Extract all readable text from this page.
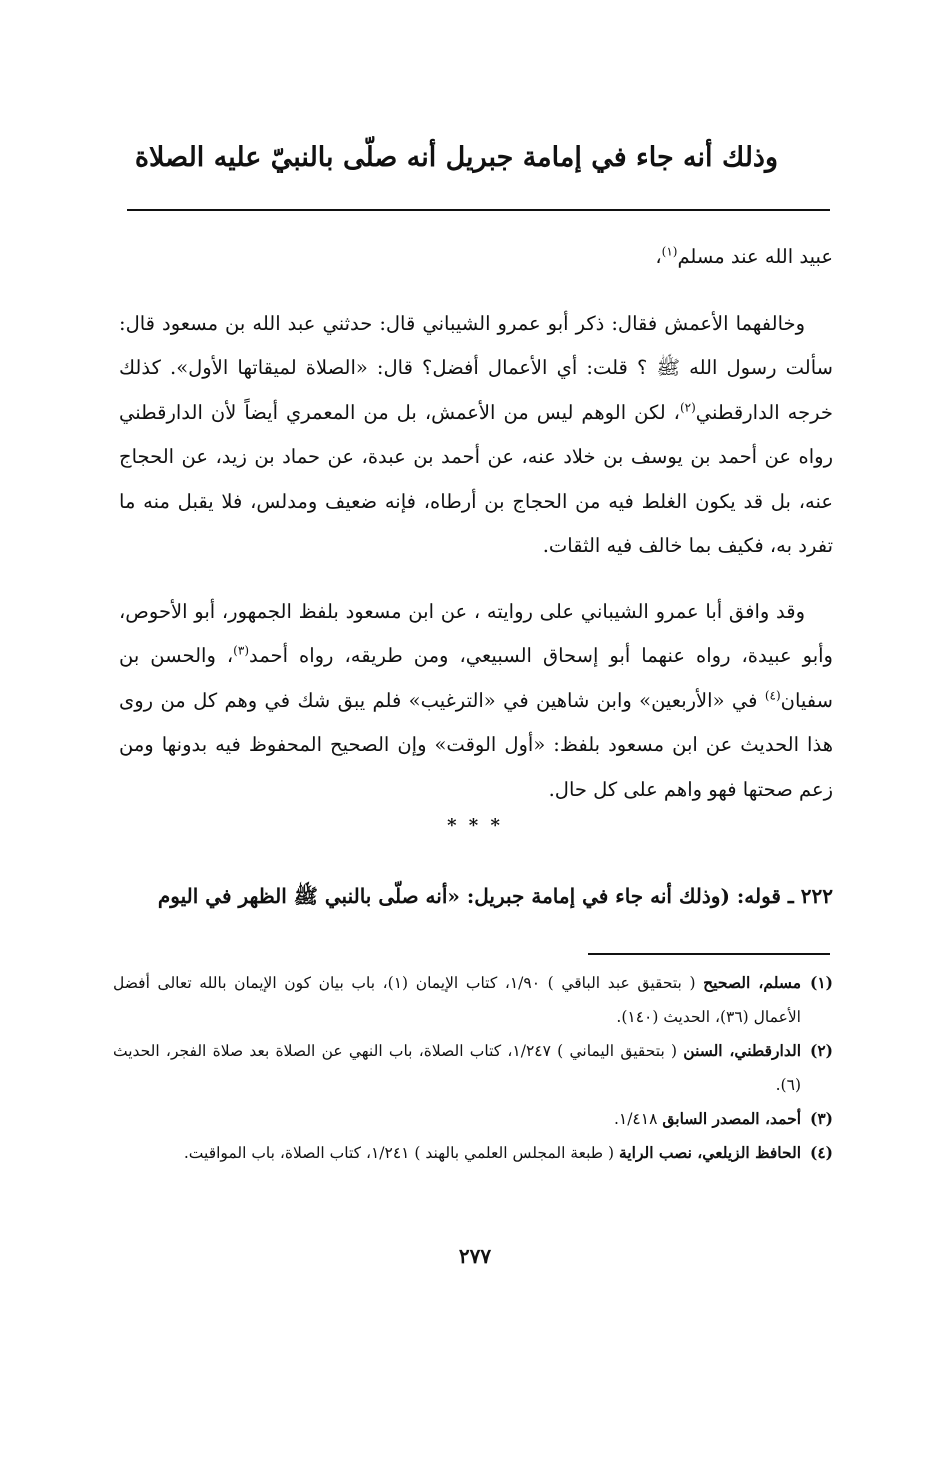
وذلك أنه جاء في إمامة جبريل أنه صلّى بالنبيّ عليه الصلاة

عبيد الله عند مسلم$^{(١)}$،

وخالفهما الأعمش فقال: ذكر أبو عمرو الشيباني قال: حدثني عبد الله بن مسعود قال: سألت رسول الله ﷺ ؟ قلت: أي الأعمال أفضل؟ قال: «الصلاة لميقاتها الأول». كذلك خرجه الدارقطني$^{(٢)}$، لكن الوهم ليس من الأعمش، بل من المعمري أيضاً لأن الدارقطني رواه عن أحمد بن يوسف بن خلاد عنه، عن أحمد بن عبدة، عن حماد بن زيد، عن الحجاج عنه، بل قد يكون الغلط فيه من الحجاج بن أرطاه، فإنه ضعيف ومدلس، فلا يقبل منه ما تفرد به، فكيف بما خالف فيه الثقات.

وقد وافق أبا عمرو الشيباني على روايته ، عن ابن مسعود بلفظ الجمهور، أبو الأحوص، وأبو عبيدة، رواه عنهما أبو إسحاق السبيعي، ومن طريقه، رواه أحمد$^{(٣)}$، والحسن بن سفيان$^{(٤)}$ في «الأربعين» وابن شاهين في «الترغيب» فلم يبق شك في وهم كل من روى هذا الحديث عن ابن مسعود بلفظ: «أول الوقت» وإن الصحيح المحفوظ فيه بدونها ومن زعم صحتها فهو واهم على كل حال.

* * *
٢٢٢ ـ قوله: (وذلك أنه جاء في إمامة جبريل: «أنه صلّى بالنبي ﷺ الظهر في اليوم

(١)مسلم، الصحيح ( بتحقيق عبد الباقي ) ١/٩٠، كتاب الإيمان (١)، باب بيان كون الإيمان بالله تعالى أفضل الأعمال (٣٦)، الحديث (١٤٠).

(٢)الدارقطني، السنن ( بتحقيق اليماني ) ١/٢٤٧، كتاب الصلاة، باب النهي عن الصلاة بعد صلاة الفجر، الحديث (٦).

(٣)أحمد، المصدر السابق ١/٤١٨.

(٤)الحافظ الزيلعي، نصب الراية ( طبعة المجلس العلمي بالهند ) ١/٢٤١، كتاب الصلاة، باب المواقيت.

٢٧٧
